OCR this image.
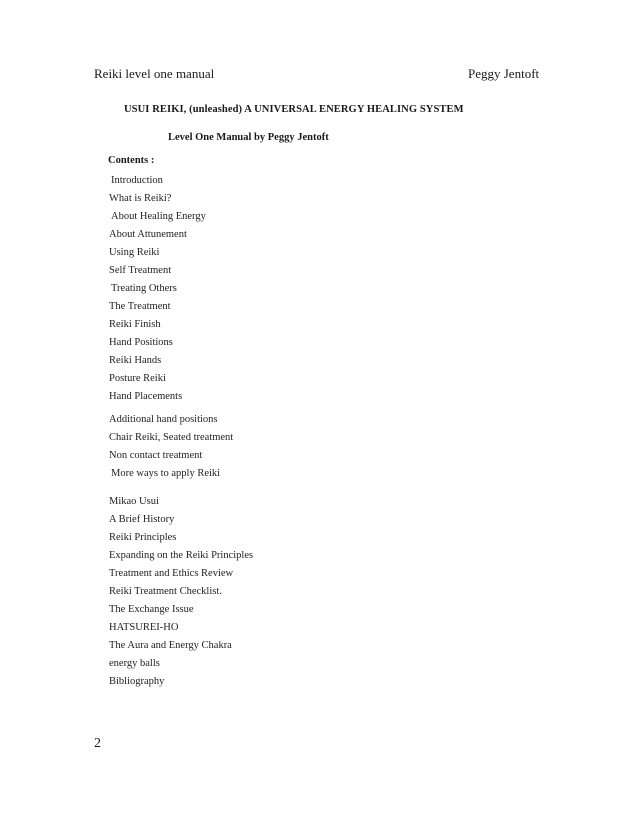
Reiki level one manual	Peggy Jentoft
USUI REIKI, (unleashed) A UNIVERSAL ENERGY HEALING SYSTEM
Level One Manual by Peggy Jentoft
Contents :
Introduction
What is Reiki?
About Healing Energy
About Attunement
Using Reiki
Self Treatment
Treating Others
The Treatment
Reiki Finish
Hand Positions
Reiki Hands
Posture Reiki
Hand Placements
Additional hand positions
Chair Reiki, Seated treatment
Non contact treatment
More ways to apply Reiki
Mikao Usui
A Brief History
Reiki Principles
Expanding on the Reiki Principles
Treatment and Ethics Review
Reiki Treatment Checklist.
The Exchange Issue
HATSUREI-HO
The Aura and Energy Chakra
energy balls
Bibliography
2
